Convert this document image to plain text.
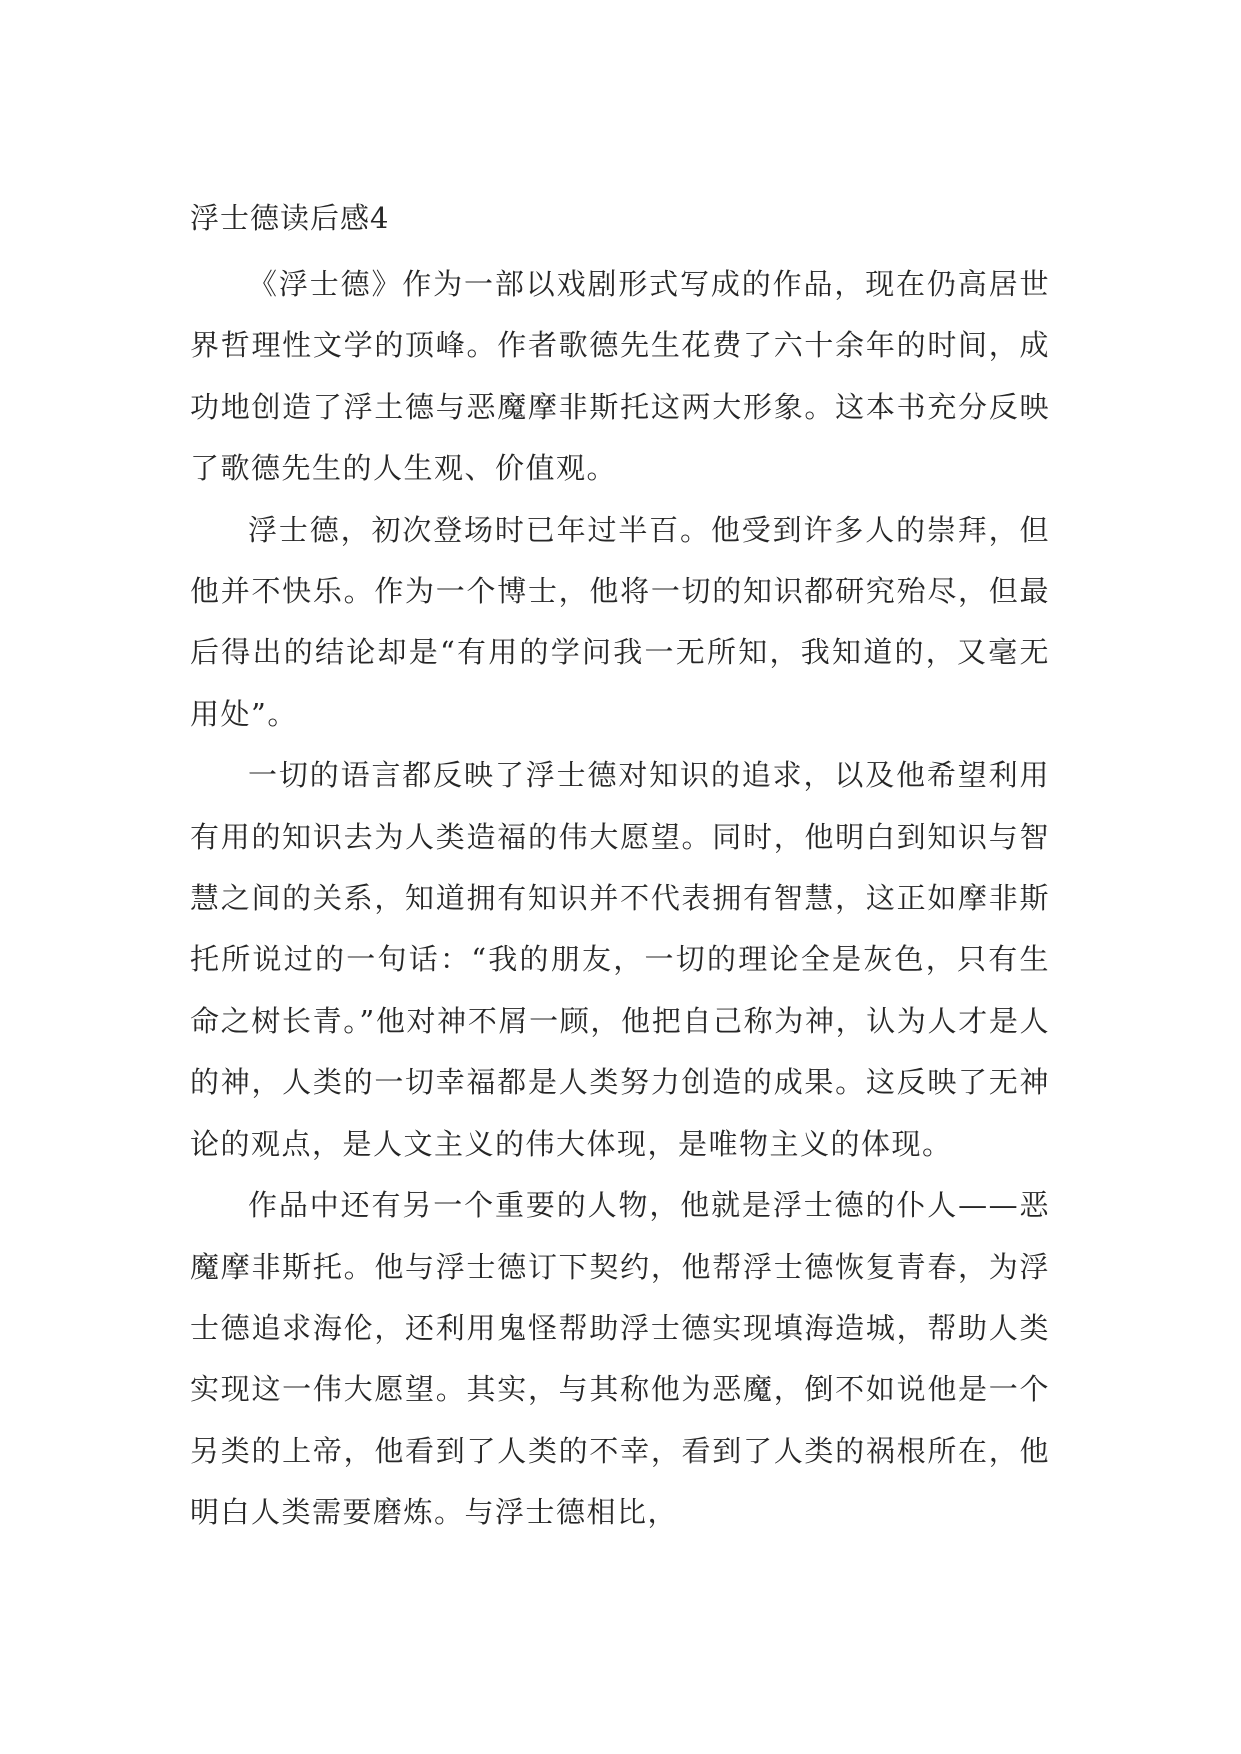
浮士德读后感4

《浮士德》作为一部以戏剧形式写成的作品，现在仍高居世界哲理性文学的顶峰。作者歌德先生花费了六十余年的时间，成功地创造了浮土德与恶魔摩非斯托这两大形象。这本书充分反映了歌德先生的人生观、价值观。

浮士德，初次登场时已年过半百。他受到许多人的崇拜，但他并不快乐。作为一个博士，他将一切的知识都研究殆尽，但最后得出的结论却是“有用的学问我一无所知，我知道的，又毫无用处”。

一切的语言都反映了浮士德对知识的追求，以及他希望利用有用的知识去为人类造福的伟大愿望。同时，他明白到知识与智慧之间的关系，知道拥有知识并不代表拥有智慧，这正如摩非斯托所说过的一句话：“我的朋友，一切的理论全是灰色，只有生命之树长青。”他对神不屑一顾，他把自己称为神，认为人才是人的神，人类的一切幸福都是人类努力创造的成果。这反映了无神论的观点，是人文主义的伟大体现，是唯物主义的体现。

作品中还有另一个重要的人物，他就是浮士德的仆人——恶魔摩非斯托。他与浮士德订下契约，他帮浮士德恢复青春，为浮士德追求海伦，还利用鬼怪帮助浮士德实现填海造城，帮助人类实现这一伟大愿望。其实，与其称他为恶魔，倒不如说他是一个另类的上帝，他看到了人类的不幸，看到了人类的祸根所在，他明白人类需要磨炼。与浮士德相比，
